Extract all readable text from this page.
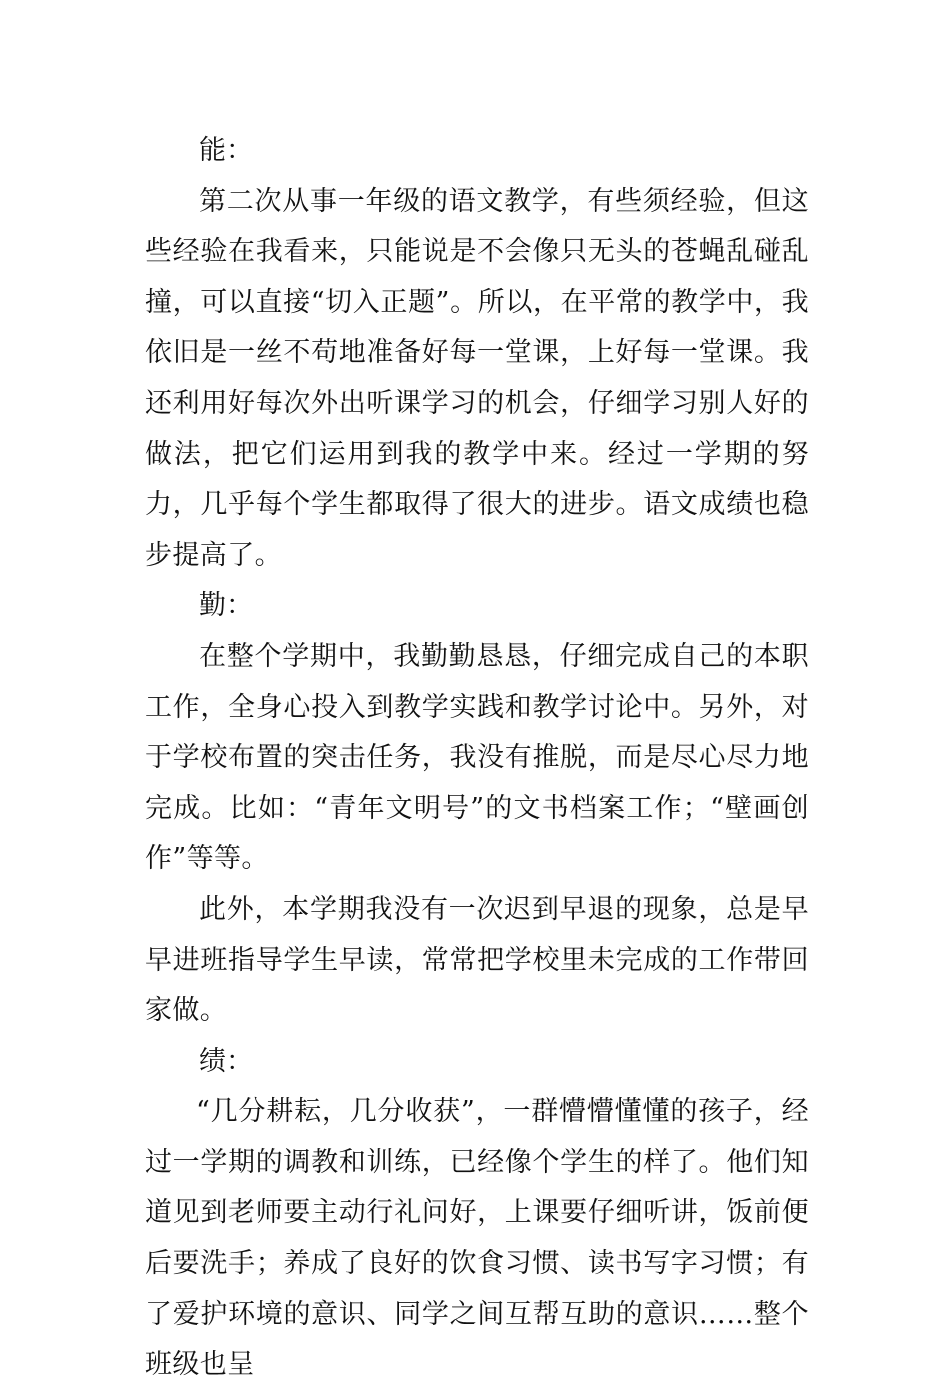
能：

第二次从事一年级的语文教学，有些须经验，但这些经验在我看来，只能说是不会像只无头的苍蝇乱碰乱撞，可以直接“切入正题”。所以，在平常的教学中，我依旧是一丝不苟地准备好每一堂课，上好每一堂课。我还利用好每次外出听课学习的机会，仔细学习别人好的做法，把它们运用到我的教学中来。经过一学期的努力，几乎每个学生都取得了很大的进步。语文成绩也稳步提高了。

勤：

在整个学期中，我勤勤恳恳，仔细完成自己的本职工作，全身心投入到教学实践和教学讨论中。另外，对于学校布置的突击任务，我没有推脱，而是尽心尽力地完成。比如：“青年文明号”的文书档案工作；“壁画创作”等等。

此外，本学期我没有一次迟到早退的现象，总是早早进班指导学生早读，常常把学校里未完成的工作带回家做。

绩：

“几分耕耘，几分收获”，一群懵懵懂懂的孩子，经过一学期的调教和训练，已经像个学生的样了。他们知道见到老师要主动行礼问好，上课要仔细听讲，饭前便后要洗手；养成了良好的饮食习惯、读书写字习惯；有了爱护环境的意识、同学之间互帮互助的意识……整个班级也呈
